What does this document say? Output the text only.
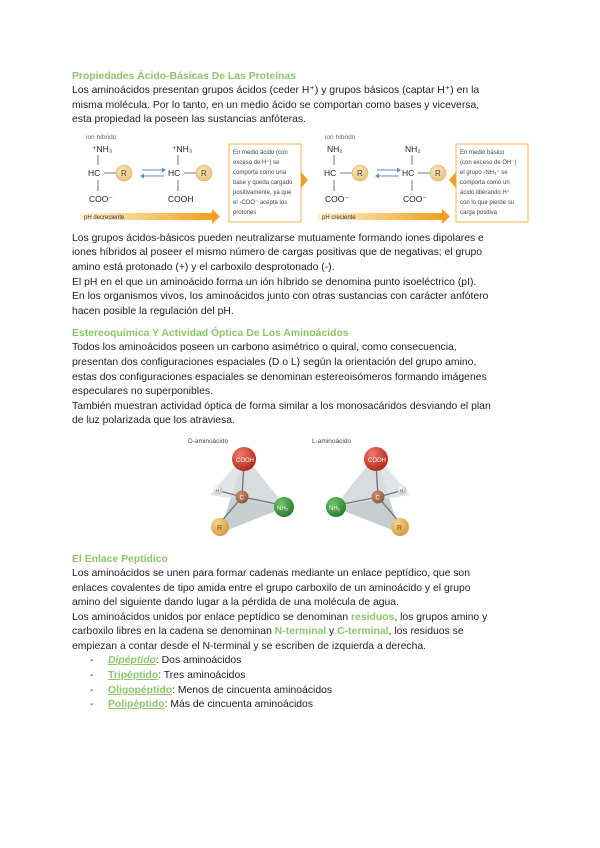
Propiedades Ácido-Básicas De Las Proteínas

Los aminoácidos presentan grupos ácidos (ceder H⁺) y grupos básicos (captar H⁺) en la

misma molécula. Por lo tanto, en un medio ácido se comportan como bases y viceversa,

esta propiedad la poseen las sustancias anfóteras.

ion híbrido
⁺NH₃
HC	R
COO⁻
⁺NH₃
HC	R
COOH
pH decreciente
En medio ácido (con
exceso de H⁺) se
comporta como una
base y queda cargado
positivamente, ya que
el -COO⁻ acepta los
protones
ion híbrido
NH₂
HC	R
COO⁻
NH₂
HC	R
COO⁻
pH creciente
En medio básico
(con exceso de OH⁻)
el grupo -NH₃⁺ se
comporta como un
ácido liberando H⁺
con lo que pierde su
carga positiva

Los grupos ácidos-básicos pueden neutralizarse mutuamente formando iones dipolares e

iones híbridos al poseer el mismo número de cargas positivas que de negativas; el grupo

amino está protonado (+) y el carboxilo desprotonado (-).

El pH en el que un aminoácido forma un ión híbrido se denomina punto isoeléctrico (pI).

En los organismos vivos, los aminoácidos junto con otras sustancias con carácter anfótero

hacen posible la regulación del pH.

Estereoquímica Y Actividad Óptica De Los Aminoácidos

Todos los aminoácidos poseen un carbono asimétrico o quiral, como consecuencia,

presentan dos configuraciones espaciales (D o L) según la orientación del grupo amino,

estas dos configuraciones espaciales se denominan estereoisómeros formando imágenes

especulares no superponibles.

También muestran actividad óptica de forma similar a los monosacáridos desviando el plan

de luz polarizada que los atraviesa.

D-aminoácido
COOH
H
C
NH₂
R
L-aminoácido
COOH
H
C
NH₂
R

El Enlace Peptídico

Los aminoácidos se unen para formar cadenas mediante un enlace peptídico, que son

enlaces covalentes de tipo amida entre el grupo carboxilo de un aminoácido y el grupo

amino del siguiente dando lugar a la pérdida de una molécula de agua.

Los aminoácidos unidos por enlace peptídico se denominan residuos, los grupos amino y

carboxilo libres en la cadena se denominan N-terminal y C-terminal, los residuos se

empiezan a contar desde el N-terminal y se escriben de izquierda a derecha.

- Dipéptido: Dos aminoácidos
- Tripéptido: Tres aminoácidos
- Oligopéptido: Menos de cincuenta aminoácidos
- Polipéptido: Más de cincuenta aminoácidos
